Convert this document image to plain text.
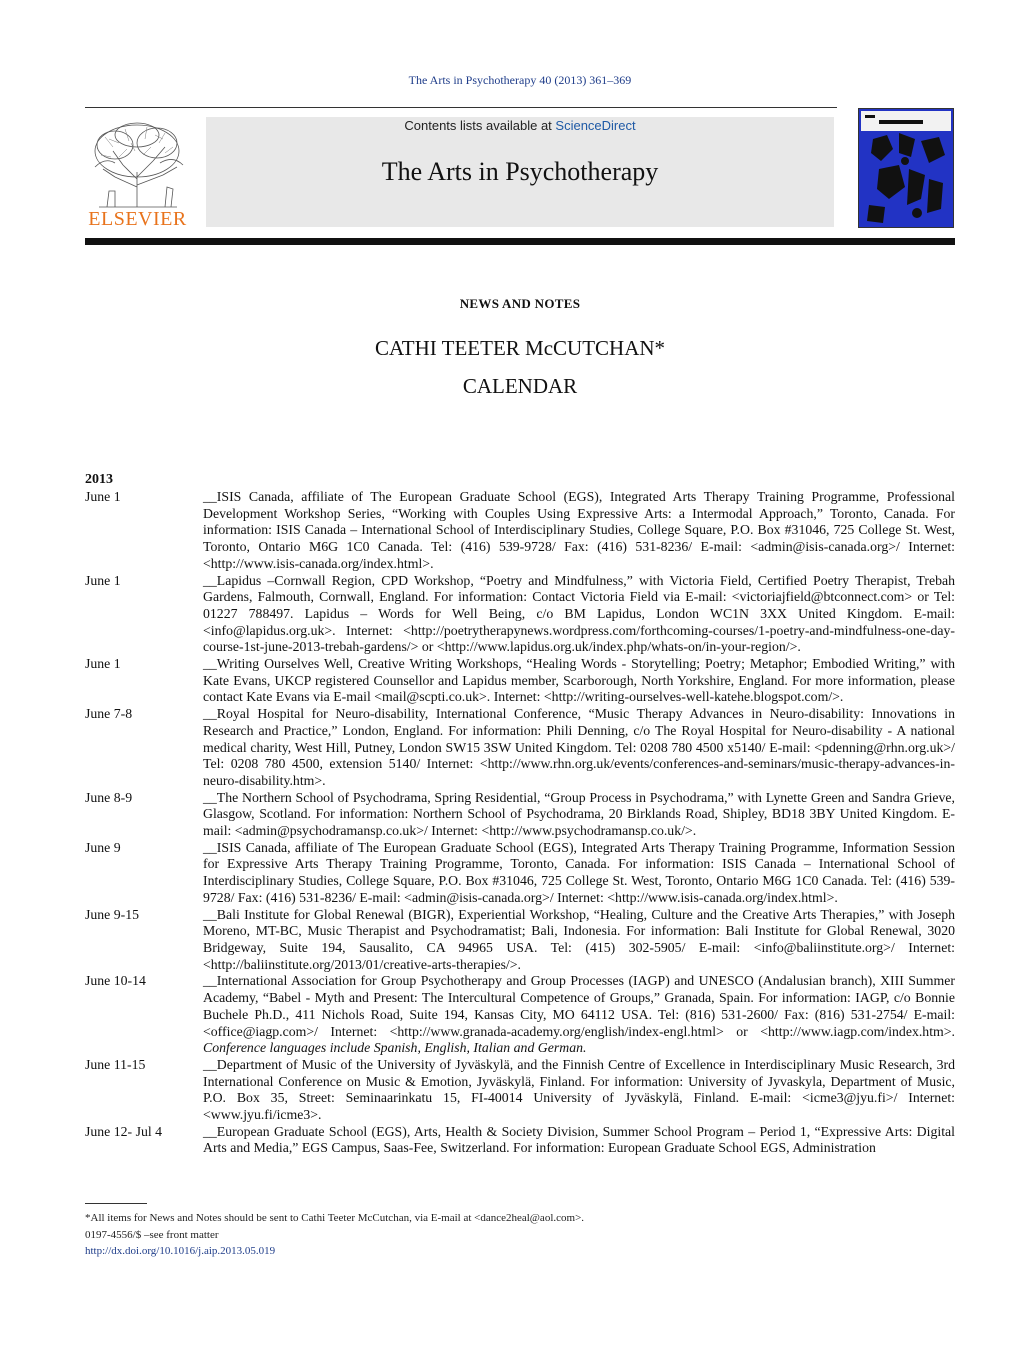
The Arts in Psychotherapy 40 (2013) 361–369
ELSEVIER
Contents lists available at ScienceDirect
The Arts in Psychotherapy
NEWS AND NOTES
CATHI TEETER McCUTCHAN*
CALENDAR
2013
June 1	__ISIS Canada, affiliate of The European Graduate School (EGS), Integrated Arts Therapy Training Programme, Professional Development Workshop Series, “Working with Couples Using Expressive Arts: a Intermodal Approach,” Toronto, Canada. For information: ISIS Canada – International School of Interdisciplinary Studies, College Square, P.O. Box #31046, 725 College St. West, Toronto, Ontario M6G 1C0 Canada. Tel: (416) 539-9728/ Fax: (416) 531-8236/ E-mail: <admin@isis-canada.org>/ Internet: <http://www.isis-canada.org/index.html>.
June 1	__Lapidus –Cornwall Region, CPD Workshop, “Poetry and Mindfulness,” with Victoria Field, Certified Poetry Therapist, Trebah Gardens, Falmouth, Cornwall, England. For information: Contact Victoria Field via E-mail: <victoriajfield@btconnect.com> or Tel: 01227 788497. Lapidus – Words for Well Being, c/o BM Lapidus, London WC1N 3XX United Kingdom. E-mail: <info@lapidus.org.uk>. Internet: <http://poetrytherapynews.wordpress.com/forthcoming-courses/1-poetry-and-mindfulness-one-day-course-1st-june-2013-trebah-gardens/> or <http://www.lapidus.org.uk/index.php/whats-on/in-your-region/>.
June 1	__Writing Ourselves Well, Creative Writing Workshops, “Healing Words - Storytelling; Poetry; Metaphor; Embodied Writing,” with Kate Evans, UKCP registered Counsellor and Lapidus member, Scarborough, North Yorkshire, England. For more information, please contact Kate Evans via E-mail <mail@scpti.co.uk>. Internet: <http://writing-ourselves-well-katehe.blogspot.com/>.
June 7-8	__Royal Hospital for Neuro-disability, International Conference, “Music Therapy Advances in Neuro-disability: Innovations in Research and Practice,” London, England. For information: Phili Denning, c/o The Royal Hospital for Neuro-disability - A national medical charity, West Hill, Putney, London SW15 3SW United Kingdom. Tel: 0208 780 4500 x5140/ E-mail: <pdenning@rhn.org.uk>/ Tel: 0208 780 4500, extension 5140/ Internet: <http://www.rhn.org.uk/events/conferences-and-seminars/music-therapy-advances-in-neuro-disability.htm>.
June 8-9	__The Northern School of Psychodrama, Spring Residential, “Group Process in Psychodrama,” with Lynette Green and Sandra Grieve, Glasgow, Scotland. For information: Northern School of Psychodrama, 20 Birklands Road, Shipley, BD18 3BY United Kingdom. E-mail: <admin@psychodramansp.co.uk>/ Internet: <http://www.psychodramansp.co.uk/>.
June 9	__ISIS Canada, affiliate of The European Graduate School (EGS), Integrated Arts Therapy Training Programme, Information Session for Expressive Arts Therapy Training Programme, Toronto, Canada. For information: ISIS Canada – International School of Interdisciplinary Studies, College Square, P.O. Box #31046, 725 College St. West, Toronto, Ontario M6G 1C0 Canada. Tel: (416) 539-9728/ Fax: (416) 531-8236/ E-mail: <admin@isis-canada.org>/ Internet: <http://www.isis-canada.org/index.html>.
June 9-15	__Bali Institute for Global Renewal (BIGR), Experiential Workshop, “Healing, Culture and the Creative Arts Therapies,” with Joseph Moreno, MT-BC, Music Therapist and Psychodramatist; Bali, Indonesia. For information: Bali Institute for Global Renewal, 3020 Bridgeway, Suite 194, Sausalito, CA 94965 USA. Tel: (415) 302-5905/ E-mail: <info@baliinstitute.org>/ Internet: <http://baliinstitute.org/2013/01/creative-arts-therapies/>.
June 10-14	__International Association for Group Psychotherapy and Group Processes (IAGP) and UNESCO (Andalusian branch), XIII Summer Academy, “Babel - Myth and Present: The Intercultural Competence of Groups,” Granada, Spain. For information: IAGP, c/o Bonnie Buchele Ph.D., 411 Nichols Road, Suite 194, Kansas City, MO 64112 USA. Tel: (816) 531-2600/ Fax: (816) 531-2754/ E-mail: <office@iagp.com>/ Internet: <http://www.granada-academy.org/english/index-engl.html> or <http://www.iagp.com/index.htm>. Conference languages include Spanish, English, Italian and German.
June 11-15	__Department of Music of the University of Jyväskylä, and the Finnish Centre of Excellence in Interdisciplinary Music Research, 3rd International Conference on Music & Emotion, Jyväskylä, Finland. For information: University of Jyvaskyla, Department of Music, P.O. Box 35, Street: Seminaarinkatu 15, FI-40014 University of Jyväskylä, Finland. E-mail: <icme3@jyu.fi>/ Internet: <www.jyu.fi/icme3>.
June 12- Jul 4	__European Graduate School (EGS), Arts, Health & Society Division, Summer School Program – Period 1, “Expressive Arts: Digital Arts and Media,” EGS Campus, Saas-Fee, Switzerland. For information: European Graduate School EGS, Administration
*All items for News and Notes should be sent to Cathi Teeter McCutchan, via E-mail at <dance2heal@aol.com>.
0197-4556/$ –see front matter
http://dx.doi.org/10.1016/j.aip.2013.05.019
